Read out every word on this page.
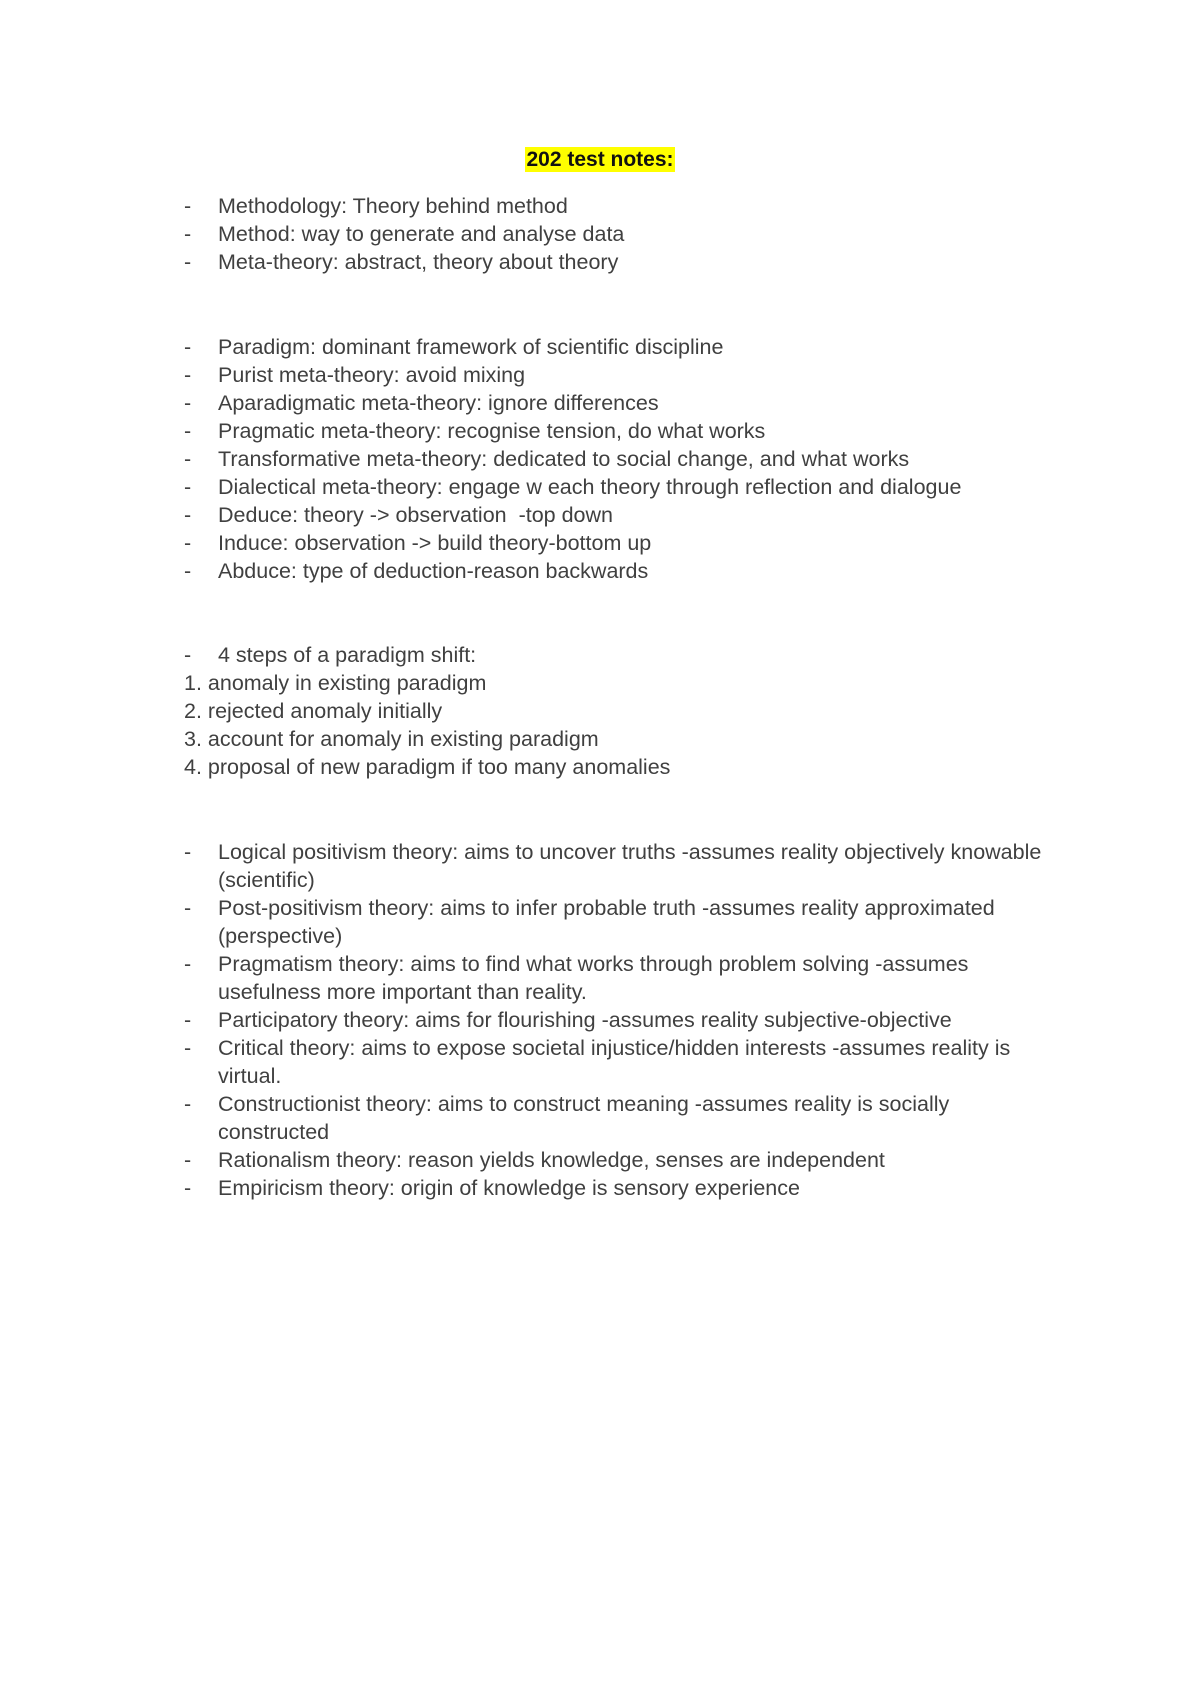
202 test notes:
- Methodology: Theory behind method
- Method: way to generate and analyse data
- Meta-theory: abstract, theory about theory
- Paradigm: dominant framework of scientific discipline
- Purist meta-theory: avoid mixing
- Aparadigmatic meta-theory: ignore differences
- Pragmatic meta-theory: recognise tension, do what works
- Transformative meta-theory: dedicated to social change, and what works
- Dialectical meta-theory: engage w each theory through reflection and dialogue
- Deduce: theory -> observation  -top down
- Induce: observation -> build theory-bottom up
- Abduce: type of deduction-reason backwards
- 4 steps of a paradigm shift:
1. anomaly in existing paradigm
2. rejected anomaly initially
3. account for anomaly in existing paradigm
4. proposal of new paradigm if too many anomalies
- Logical positivism theory: aims to uncover truths -assumes reality objectively knowable (scientific)
- Post-positivism theory: aims to infer probable truth -assumes reality approximated (perspective)
- Pragmatism theory: aims to find what works through problem solving -assumes usefulness more important than reality.
- Participatory theory: aims for flourishing -assumes reality subjective-objective
- Critical theory: aims to expose societal injustice/hidden interests -assumes reality is virtual.
- Constructionist theory: aims to construct meaning -assumes reality is socially constructed
- Rationalism theory: reason yields knowledge, senses are independent
- Empiricism theory: origin of knowledge is sensory experience
